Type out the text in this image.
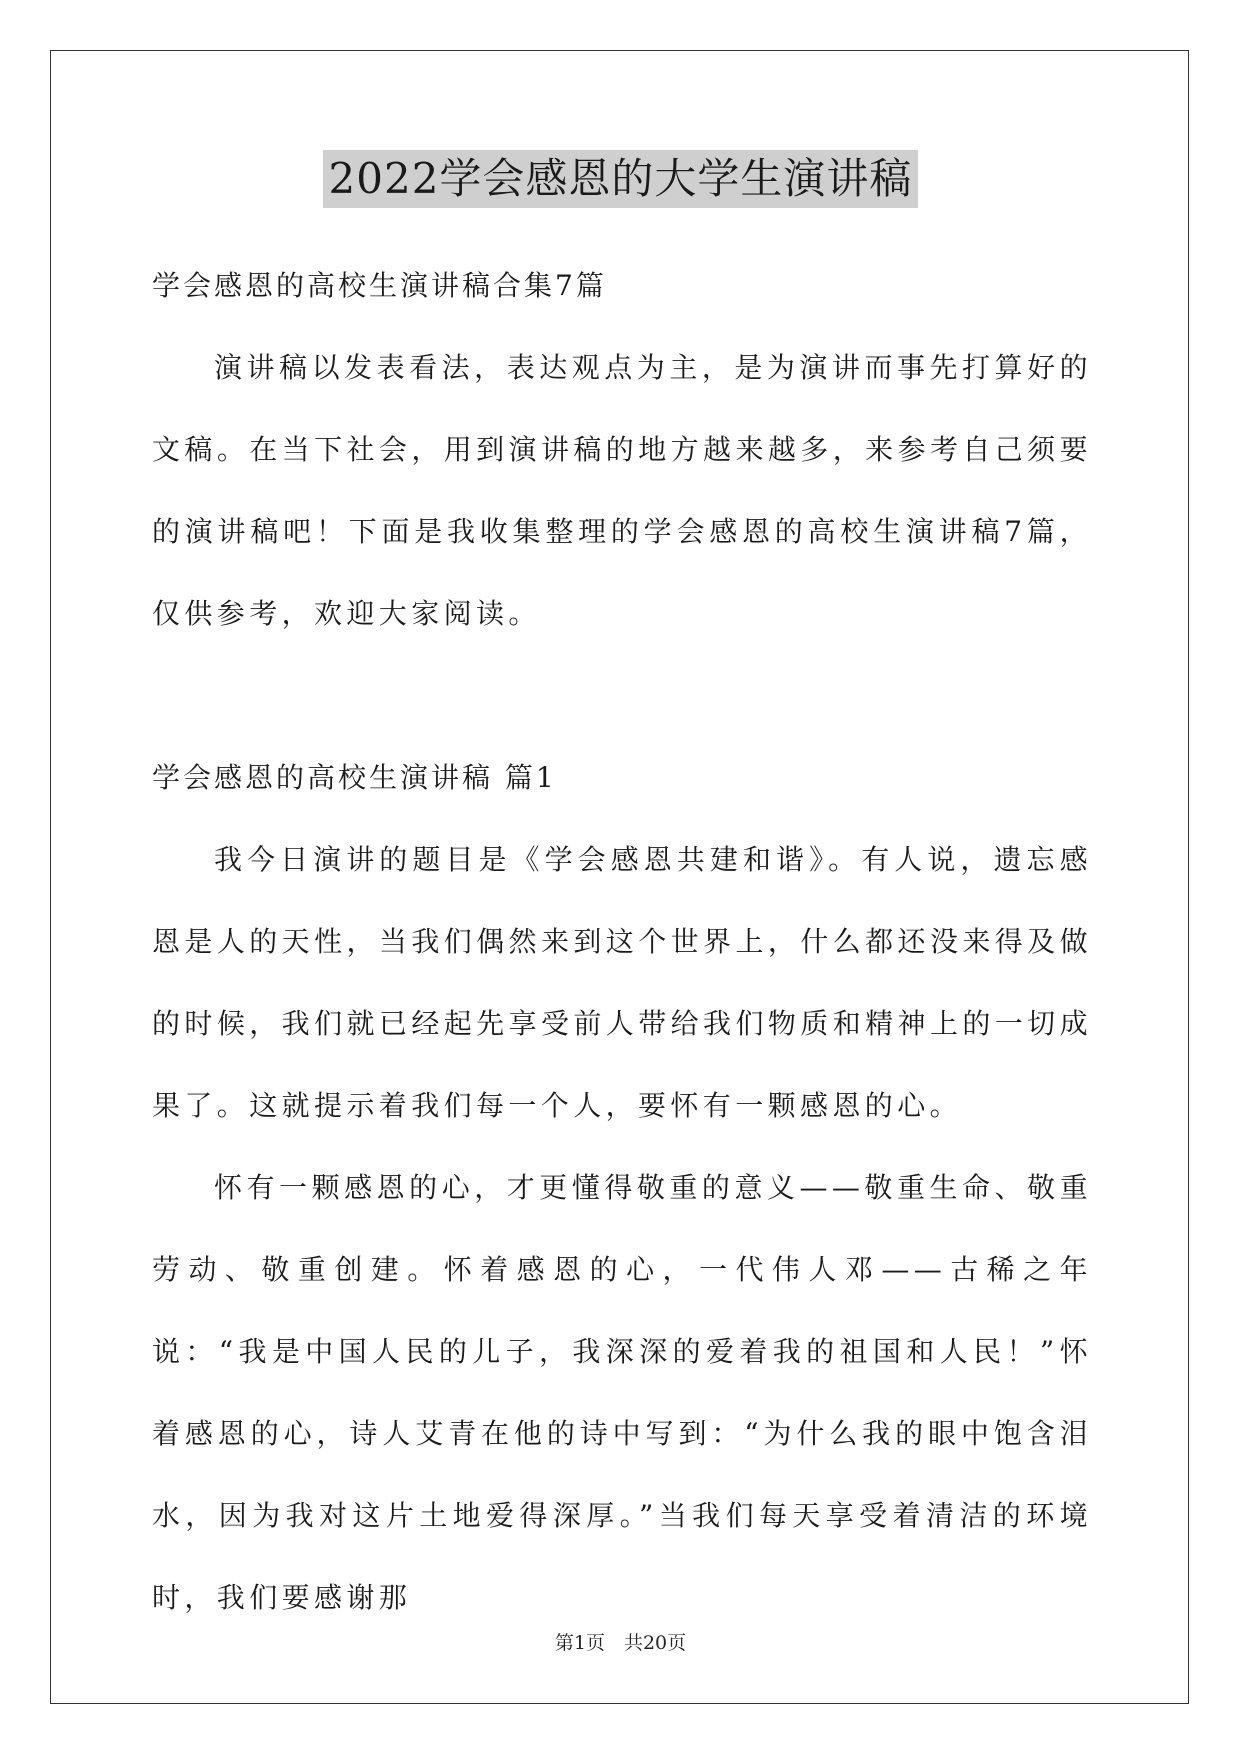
2022学会感恩的大学生演讲稿

学会感恩的高校生演讲稿合集7篇

演讲稿以发表看法，表达观点为主，是为演讲而事先打算好的文稿。在当下社会，用到演讲稿的地方越来越多，来参考自己须要的演讲稿吧！下面是我收集整理的学会感恩的高校生演讲稿7篇，仅供参考，欢迎大家阅读。

学会感恩的高校生演讲稿 篇1

我今日演讲的题目是《学会感恩共建和谐》。有人说，遗忘感恩是人的天性，当我们偶然来到这个世界上，什么都还没来得及做的时候，我们就已经起先享受前人带给我们物质和精神上的一切成果了。这就提示着我们每一个人，要怀有一颗感恩的心。

怀有一颗感恩的心，才更懂得敬重的意义——敬重生命、敬重劳动、敬重创建。怀着感恩的心，一代伟人邓——古稀之年说：“我是中国人民的儿子，我深深的爱着我的祖国和人民！”怀着感恩的心，诗人艾青在他的诗中写到：“为什么我的眼中饱含泪水，因为我对这片土地爱得深厚。”当我们每天享受着清洁的环境时，我们要感谢那

第1页　共20页
